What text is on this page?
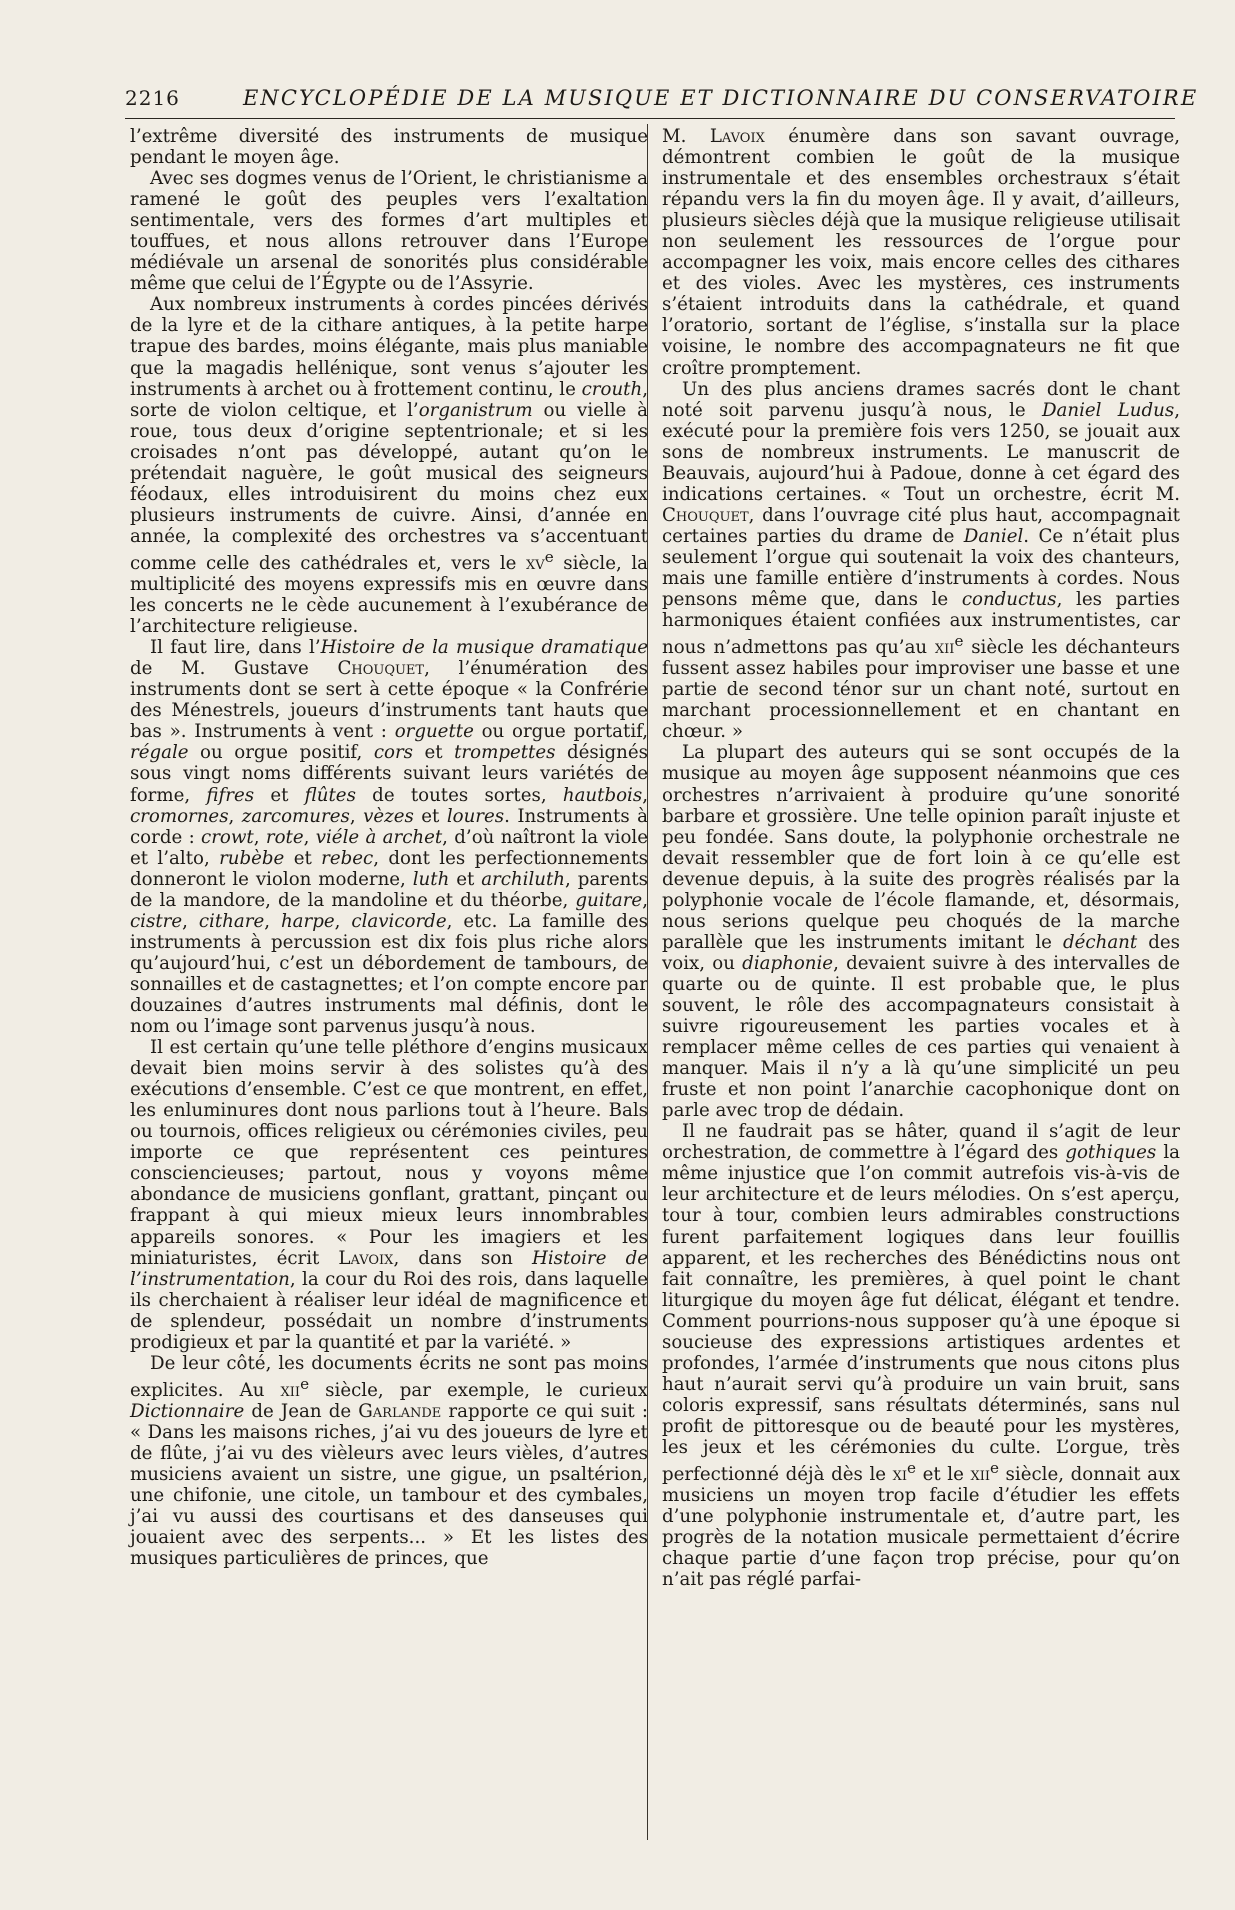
2216	ENCYCLOPÉDIE DE LA MUSIQUE ET DICTIONNAIRE DU CONSERVATOIRE

l’extrême diversité des instruments de musique pendant le moyen âge.

Avec ses dogmes venus de l’Orient, le christianisme a ramené le goût des peuples vers l’exaltation sentimentale, vers des formes d’art multiples et touffues, et nous allons retrouver dans l’Europe médiévale un arsenal de sonorités plus considérable même que celui de l’Égypte ou de l’Assyrie.

Aux nombreux instruments à cordes pincées dérivés de la lyre et de la cithare antiques, à la petite harpe trapue des bardes, moins élégante, mais plus maniable que la magadis hellénique, sont venus s’ajouter les instruments à archet ou à frottement continu, le crouth, sorte de violon celtique, et l’organistrum ou vielle à roue, tous deux d’origine septentrionale; et si les croisades n’ont pas développé, autant qu’on le prétendait naguère, le goût musical des seigneurs féodaux, elles introduisirent du moins chez eux plusieurs instruments de cuivre. Ainsi, d’année en année, la complexité des orchestres va s’accentuant comme celle des cathédrales et, vers le $xv^e$ siècle, la multiplicité des moyens expressifs mis en œuvre dans les concerts ne le cède aucunement à l’exubérance de l’architecture religieuse.

Il faut lire, dans l’Histoire de la musique dramatique de M. Gustave Chouquet, l’énumération des instruments dont se sert à cette époque « la Confrérie des Ménestrels, joueurs d’instruments tant hauts que bas ». Instruments à vent : orguette ou orgue portatif, régale ou orgue positif, cors et trompettes désignés sous vingt noms différents suivant leurs variétés de forme, fifres et flûtes de toutes sortes, hautbois, cromornes, zarcomures, vèzes et loures. Instruments à corde : crowt, rote, viéle à archet, d’où naîtront la viole et l’alto, rubèbe et rebec, dont les perfectionnements donneront le violon moderne, luth et archiluth, parents de la mandore, de la mandoline et du théorbe, guitare, cistre, cithare, harpe, clavicorde, etc. La famille des instruments à percussion est dix fois plus riche alors qu’aujourd’hui, c’est un débordement de tambours, de sonnailles et de castagnettes; et l’on compte encore par douzaines d’autres instruments mal définis, dont le nom ou l’image sont parvenus jusqu’à nous.

Il est certain qu’une telle pléthore d’engins musicaux devait bien moins servir à des solistes qu’à des exécutions d’ensemble. C’est ce que montrent, en effet, les enluminures dont nous parlions tout à l’heure. Bals ou tournois, offices religieux ou cérémonies civiles, peu importe ce que représentent ces peintures consciencieuses; partout, nous y voyons même abondance de musiciens gonflant, grattant, pinçant ou frappant à qui mieux mieux leurs innombrables appareils sonores. « Pour les imagiers et les miniaturistes, écrit Lavoix, dans son Histoire de l’instrumentation, la cour du Roi des rois, dans laquelle ils cherchaient à réaliser leur idéal de magnificence et de splendeur, possédait un nombre d’instruments prodigieux et par la quantité et par la variété. »

De leur côté, les documents écrits ne sont pas moins explicites. Au xii$^e$ siècle, par exemple, le curieux Dictionnaire de Jean de Garlande rapporte ce qui suit : « Dans les maisons riches, j’ai vu des joueurs de lyre et de flûte, j’ai vu des vièleurs avec leurs vièles, d’autres musiciens avaient un sistre, une gigue, un psaltérion, une chifonie, une citole, un tambour et des cymbales, j’ai vu aussi des courtisans et des danseuses qui jouaient avec des serpents... » Et les listes des musiques particulières de princes, que

M. Lavoix énumère dans son savant ouvrage, démontrent combien le goût de la musique instrumentale et des ensembles orchestraux s’était répandu vers la fin du moyen âge. Il y avait, d’ailleurs, plusieurs siècles déjà que la musique religieuse utilisait non seulement les ressources de l’orgue pour accompagner les voix, mais encore celles des cithares et des violes. Avec les mystères, ces instruments s’étaient introduits dans la cathédrale, et quand l’oratorio, sortant de l’église, s’installa sur la place voisine, le nombre des accompagnateurs ne fit que croître promptement.

Un des plus anciens drames sacrés dont le chant noté soit parvenu jusqu’à nous, le Daniel Ludus, exécuté pour la première fois vers 1250, se jouait aux sons de nombreux instruments. Le manuscrit de Beauvais, aujourd’hui à Padoue, donne à cet égard des indications certaines. « Tout un orchestre, écrit M. Chouquet, dans l’ouvrage cité plus haut, accompagnait certaines parties du drame de Daniel. Ce n’était plus seulement l’orgue qui soutenait la voix des chanteurs, mais une famille entière d’instruments à cordes. Nous pensons même que, dans le conductus, les parties harmoniques étaient confiées aux instrumentistes, car nous n’admettons pas qu’au xii$^e$ siècle les déchanteurs fussent assez habiles pour improviser une basse et une partie de second ténor sur un chant noté, surtout en marchant processionnellement et en chantant en chœur. »

La plupart des auteurs qui se sont occupés de la musique au moyen âge supposent néanmoins que ces orchestres n’arrivaient à produire qu’une sonorité barbare et grossière. Une telle opinion paraît injuste et peu fondée. Sans doute, la polyphonie orchestrale ne devait ressembler que de fort loin à ce qu’elle est devenue depuis, à la suite des progrès réalisés par la polyphonie vocale de l’école flamande, et, désormais, nous serions quelque peu choqués de la marche parallèle que les instruments imitant le déchant des voix, ou diaphonie, devaient suivre à des intervalles de quarte ou de quinte. Il est probable que, le plus souvent, le rôle des accompagnateurs consistait à suivre rigoureusement les parties vocales et à remplacer même celles de ces parties qui venaient à manquer. Mais il n’y a là qu’une simplicité un peu fruste et non point l’anarchie cacophonique dont on parle avec trop de dédain.

Il ne faudrait pas se hâter, quand il s’agit de leur orchestration, de commettre à l’égard des gothiques la même injustice que l’on commit autrefois vis-à-vis de leur architecture et de leurs mélodies. On s’est aperçu, tour à tour, combien leurs admirables constructions furent parfaitement logiques dans leur fouillis apparent, et les recherches des Bénédictins nous ont fait connaître, les premières, à quel point le chant liturgique du moyen âge fut délicat, élégant et tendre. Comment pourrions-nous supposer qu’à une époque si soucieuse des expressions artistiques ardentes et profondes, l’armée d’instruments que nous citons plus haut n’aurait servi qu’à produire un vain bruit, sans coloris expressif, sans résultats déterminés, sans nul profit de pittoresque ou de beauté pour les mystères, les jeux et les cérémonies du culte. L’orgue, très perfectionné déjà dès le $xi^e$ et le xii$^e$ siècle, donnait aux musiciens un moyen trop facile d’étudier les effets d’une polyphonie instrumentale et, d’autre part, les progrès de la notation musicale permettaient d’écrire chaque partie d’une façon trop précise, pour qu’on n’ait pas réglé parfai-
